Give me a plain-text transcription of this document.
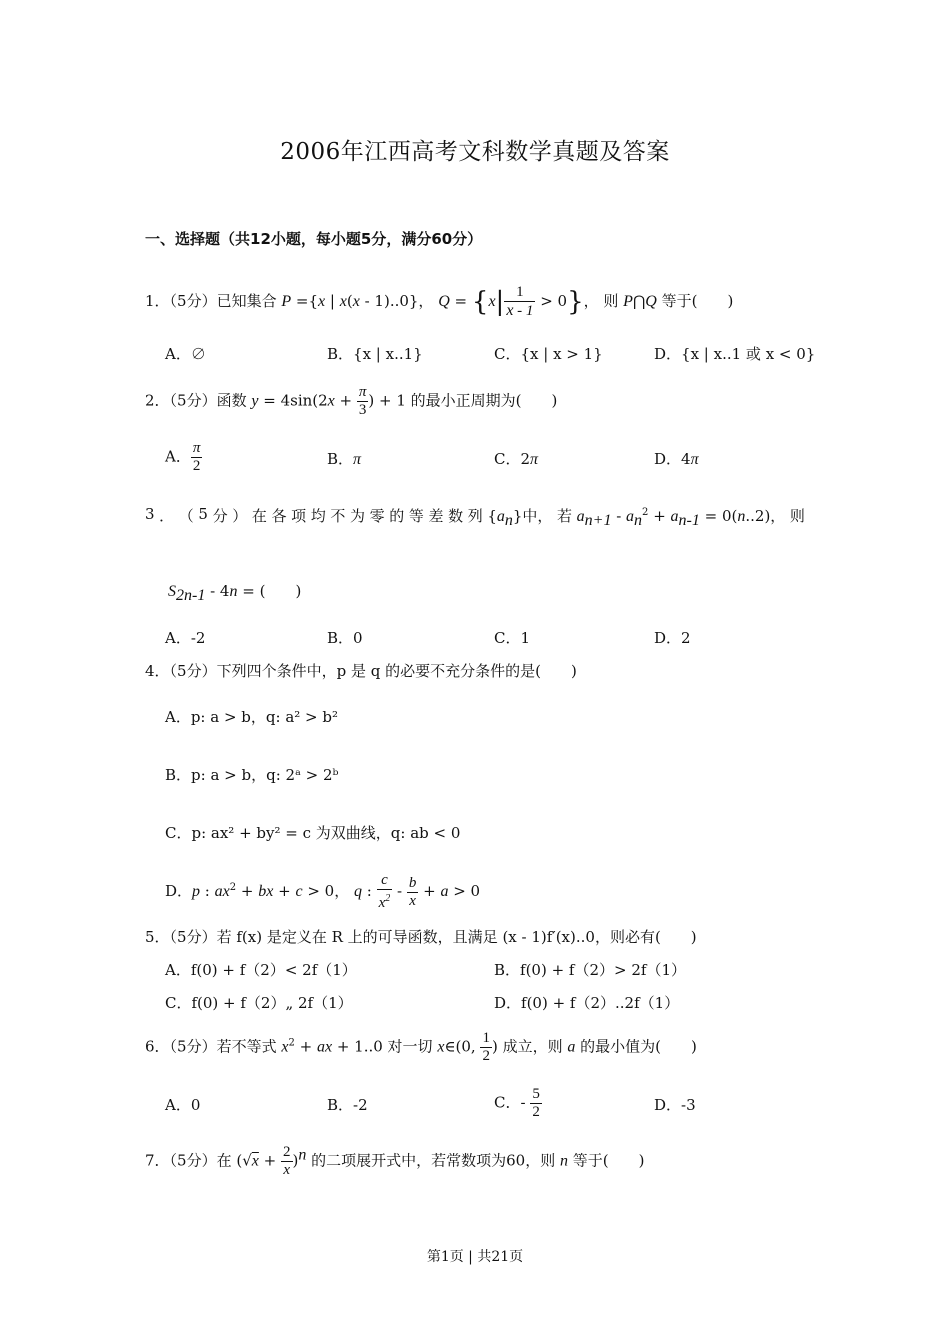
2006年江西高考文科数学真题及答案
一、选择题（共12小题，每小题5分，满分60分）
1．（5分）已知集合 P ={x | x(x - 1)..0}， $Q = \{x| \frac{1}{x - 1} > 0\}$， 则 P⋂Q 等于(　　)
A．∅	B．{x | x..1}	C．{x | x > 1}	D．{x | x..1 或 x < 0}
2．（5分）函数 $y = 4\sin(2x + \frac{\pi}{3}$ ) + 1 的最小正周期为(　　)
A． $\frac{\pi}{2}$	B．π	C．2π	D．4π
3 ． （ 5 分 ） 在 各 项 均 不 为 零 的 等 差 数 列 $\{a_n\}$中， 若 $a_{n+1} - a_n^2 + a_{n-1} = 0(n..2)$， 则
$S_{2n-1} - 4n$ = (　　)
A．-2	B．0	C．1	D．2
4．（5分）下列四个条件中，p 是 q 的必要不充分条件的是(　　)
A．p: a > b，q: a² > b²
B．p: a > b，q: 2ᵃ > 2ᵇ
C．p: ax² + by² = c 为双曲线，q: ab < 0
D．p : $ax^2$ + bx + c > 0， q : $\frac{c}{x^2} - \frac{b}{x} + a > 0$
5．（5分）若 f(x) 是定义在 R 上的可导函数，且满足 (x - 1)f′(x)..0，则必有(　　)
A．f(0) + f（2）< 2f（1）	B．f(0) + f（2）> 2f（1）
C．f(0) + f（2）„ 2f（1）	D．f(0) + f（2）..2f（1）
6．（5分）若不等式 $x^2$ + ax + 1..0 对一切 x∈(0, $\frac{1}{2}$ ) 成立，则 a 的最小值为(　　)
A．0	B．-2	C．- $\frac{5}{2}$	D．-3
7．（5分）在 $(√x + \frac{2}{x} )^n$ 的二项展开式中，若常数项为60，则 n 等于(　　)
第1页 | 共21页
